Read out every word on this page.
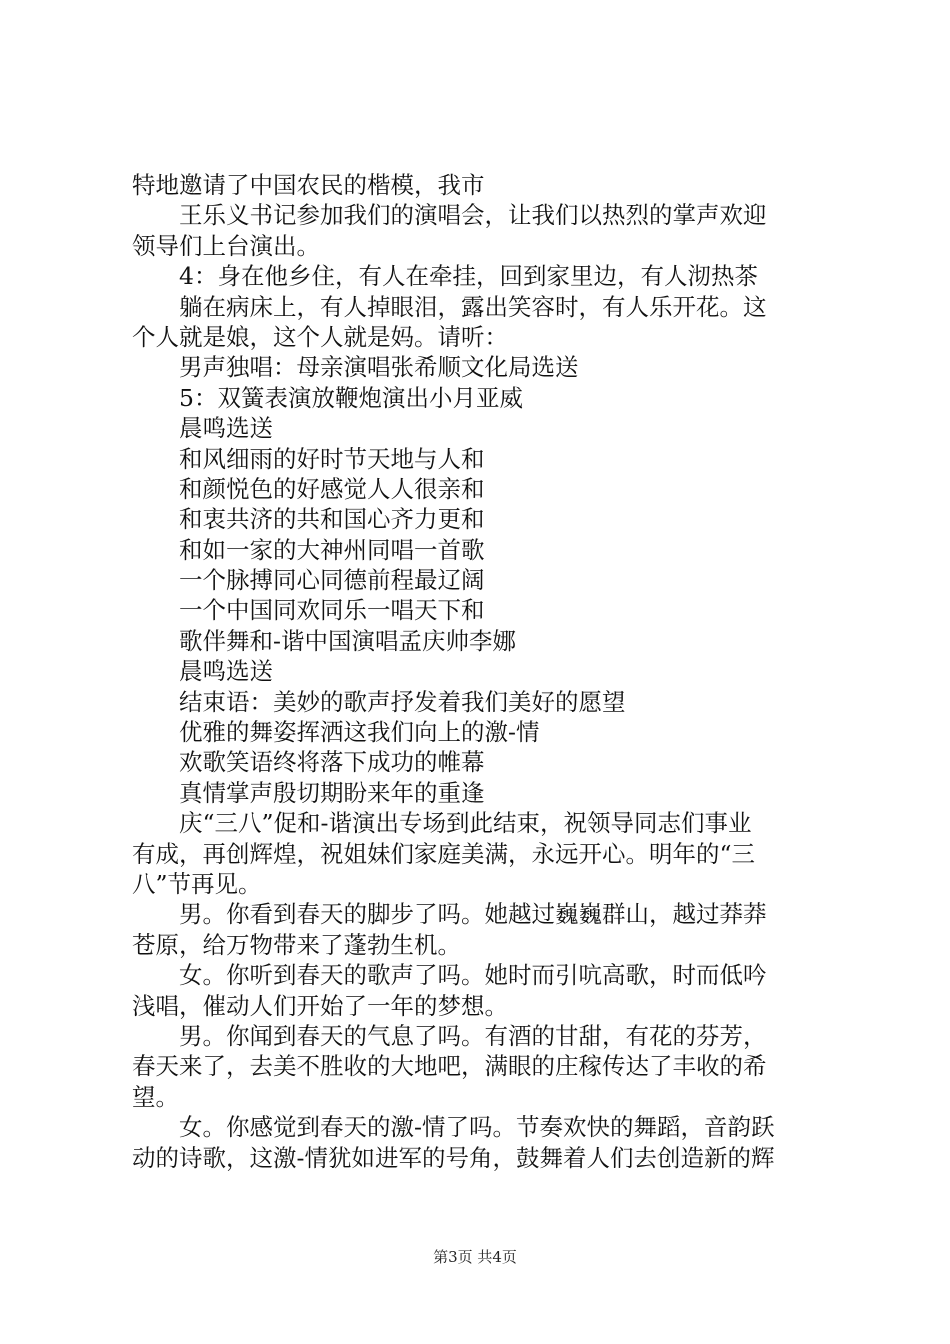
特地邀请了中国农民的楷模，我市
王乐义书记参加我们的演唱会，让我们以热烈的掌声欢迎
领导们上台演出。
4：身在他乡住，有人在牵挂，回到家里边，有人沏热茶
躺在病床上，有人掉眼泪，露出笑容时，有人乐开花。这
个人就是娘，这个人就是妈。请听：
男声独唱：母亲演唱张希顺文化局选送
5：双簧表演放鞭炮演出小月亚威
晨鸣选送
和风细雨的好时节天地与人和
和颜悦色的好感觉人人很亲和
和衷共济的共和国心齐力更和
和如一家的大神州同唱一首歌
一个脉搏同心同德前程最辽阔
一个中国同欢同乐一唱天下和
歌伴舞和-谐中国演唱孟庆帅李娜
晨鸣选送
结束语：美妙的歌声抒发着我们美好的愿望
优雅的舞姿挥洒这我们向上的激-情
欢歌笑语终将落下成功的帷幕
真情掌声殷切期盼来年的重逢
庆“三八”促和-谐演出专场到此结束，祝领导同志们事业
有成，再创辉煌，祝姐妹们家庭美满，永远开心。明年的“三
八”节再见。
男。你看到春天的脚步了吗。她越过巍巍群山，越过莽莽
苍原，给万物带来了蓬勃生机。
女。你听到春天的歌声了吗。她时而引吭高歌，时而低吟
浅唱，催动人们开始了一年的梦想。
男。你闻到春天的气息了吗。有酒的甘甜，有花的芬芳，
春天来了，去美不胜收的大地吧，满眼的庄稼传达了丰收的希
望。
女。你感觉到春天的激-情了吗。节奏欢快的舞蹈，音韵跃
动的诗歌，这激-情犹如进军的号角，鼓舞着人们去创造新的辉
第3页 共4页
